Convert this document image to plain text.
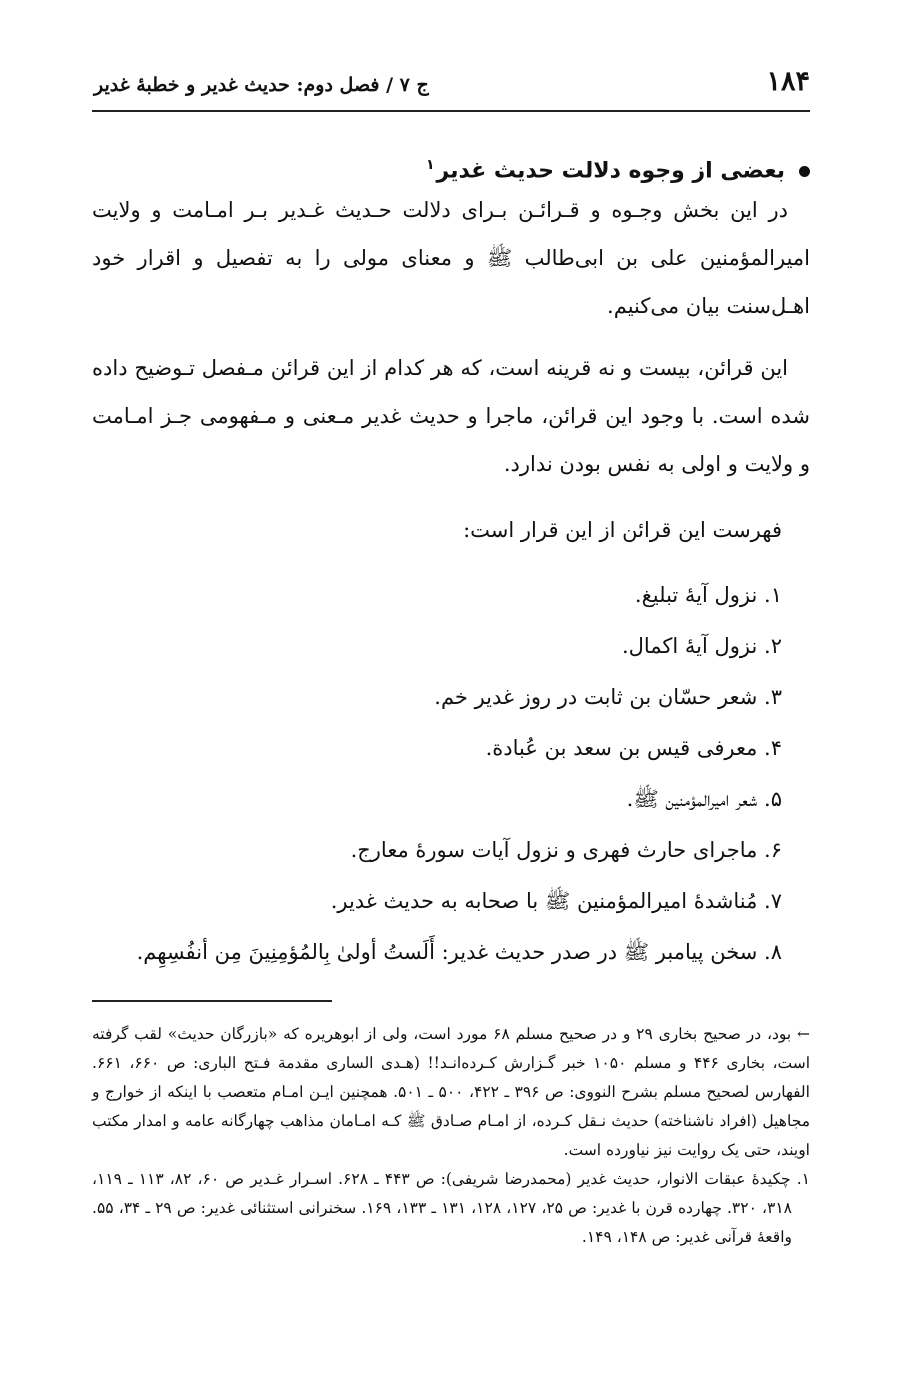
۱۸۴
ج ۷ / فصل دوم: حديث غدير و خطبهٔ غدير
بعضی از وجوه دلالت حدیث غدیر$^۱$

در این بخش وجـوه و قـرائـن بـرای دلالت حـدیث غـدیر بـر امـامت و ولایت امیرالمؤمنین علی بن ابی‌طالب ﷺ و معنای مولی را به تفصیل و اقرار خود اهـل‌سنت بیان می‌کنیم.

این قرائن، بیست و نه قرینه است، که هر کدام از این قرائن مـفصل تـوضیح داده شده است. با وجود این قرائن، ماجرا و حدیث غدیر مـعنی و مـفهومی جـز امـامت و ولایت و اولی به نفس بودن ندارد.

فهرست این قرائن از این قرار است:
۱. نزول آیهٔ تبلیغ.
۲. نزول آیهٔ اکمال.
۳. شعر حسّان بن ثابت در روز غدیر خم.
۴. معرفی قیس بن سعد بن عُبادة.
۵. شعر امیرالمؤمنین ﷺ.
۶. ماجرای حارث فهری و نزول آیات سورهٔ معارج.
۷. مُناشدهٔ امیرالمؤمنین ﷺ با صحابه به حدیث غدیر.
۸. سخن پیامبر ﷺ در صدر حدیث غدیر: أَلَستُ أولیٰ بِالمُؤمِنِینَ مِن أنفُسِهِم.

← بود، در صحیح بخاری ۲۹ و در صحیح مسلم ۶۸ مورد است، ولی از ابوهریره که «بازرگان حدیث» لقب گرفته است، بخاری ۴۴۶ و مسلم ۱۰۵۰ خبر گـزارش کـرده‌انـد!! (هـدی الساری مقدمة فـتح الباری: ص ۶۶۰، ۶۶۱. الفهارس لصحیح مسلم بشرح النووی: ص ۳۹۶ ـ ۴۲۲، ۵۰۰ ـ ۵۰۱. همچنین ایـن امـام متعصب با اینکه از خوارج و مجاهیل (افراد ناشناخته) حدیث نـقل کـرده، از امـام صـادق ﷺ کـه امـامان مذاهب چهارگانه عامه و امدار مکتب اویند، حتی یک روایت نیز نیاورده است.

۱. چکیدهٔ عبقات الانوار، حدیث غدیر (محمدرضا شریفی): ص ۴۴۳ ـ ۶۲۸. اسـرار غـدیر ص ۶۰، ۸۲، ۱۱۳ ـ ۱۱۹، ۳۱۸، ۳۲۰. چهارده قرن با غدیر: ص ۲۵، ۱۲۷، ۱۲۸، ۱۳۱ ـ ۱۳۳، ۱۶۹. سخنرانی استثنائی غدیر: ص ۲۹ ـ ۳۴، ۵۵. واقعهٔ قرآنی غدیر: ص ۱۴۸، ۱۴۹.
